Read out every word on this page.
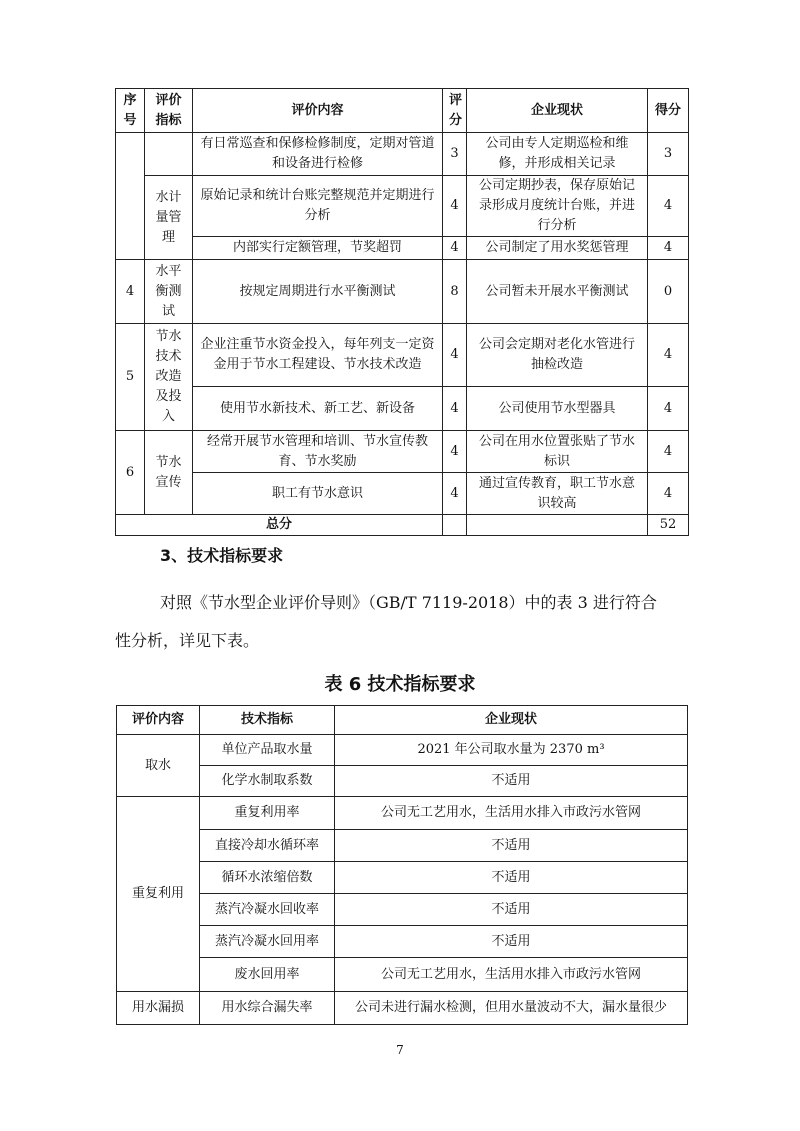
序号	评价指标	评价内容	评分	企业现状	得分
		有日常巡查和保修检修制度，定期对管道和设备进行检修	3	公司由专人定期巡检和维修，并形成相关记录	3
	水计量管理	原始记录和统计台账完整规范并定期进行分析	4	公司定期抄表，保存原始记录形成月度统计台账，并进行分析	4
		内部实行定额管理，节奖超罚	4	公司制定了用水奖惩管理	4
4	水平衡测试	按规定周期进行水平衡测试	8	公司暂未开展水平衡测试	0
5	节水技术改造及投入	企业注重节水资金投入，每年列支一定资金用于节水工程建设、节水技术改造	4	公司会定期对老化水管进行抽检改造	4
		使用节水新技术、新工艺、新设备	4	公司使用节水型器具	4
6	节水宣传	经常开展节水管理和培训、节水宣传教育、节水奖励	4	公司在用水位置张贴了节水标识	4
		职工有节水意识	4	通过宣传教育，职工节水意识较高	4
总分					52
3、技术指标要求
对照《节水型企业评价导则》（GB/T 7119-2018）中的表 3 进行符合
性分析，详见下表。
表 6 技术指标要求
评价内容	技术指标	企业现状
取水	单位产品取水量	2021 年公司取水量为 2370 m³
	化学水制取系数	不适用
重复利用	重复利用率	公司无工艺用水，生活用水排入市政污水管网
	直接冷却水循环率	不适用
	循环水浓缩倍数	不适用
	蒸汽冷凝水回收率	不适用
	蒸汽冷凝水回用率	不适用
	废水回用率	公司无工艺用水，生活用水排入市政污水管网
用水漏损	用水综合漏失率	公司未进行漏水检测，但用水量波动不大，漏水量很少
7
